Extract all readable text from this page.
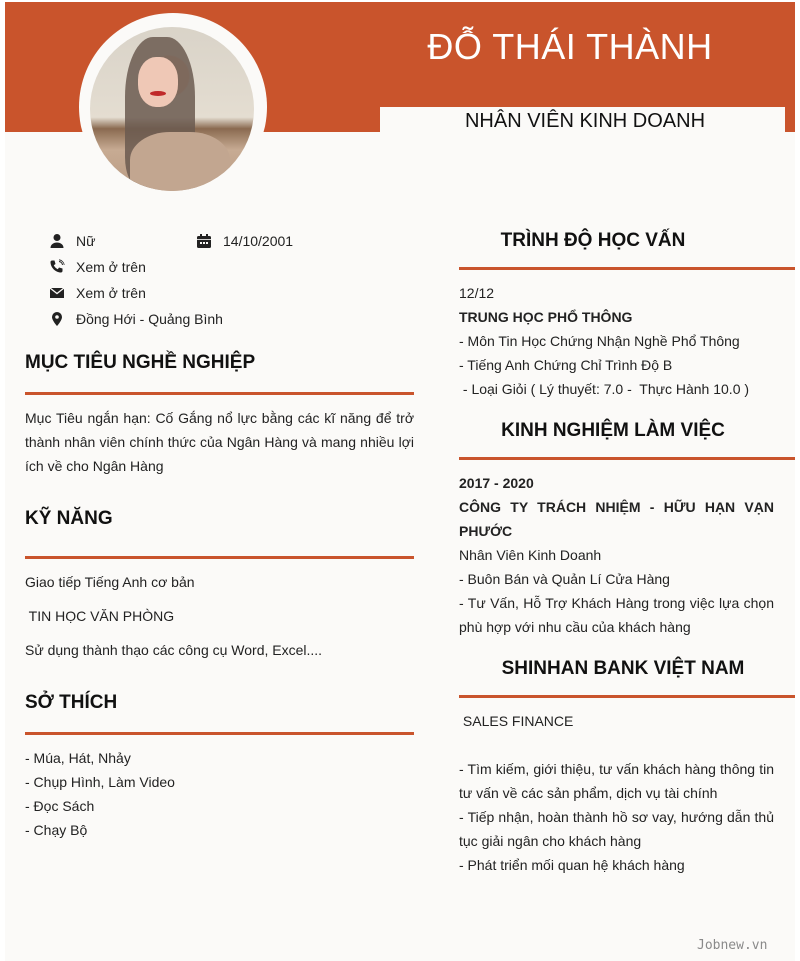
ĐỖ THÁI THÀNH
NHÂN VIÊN KINH DOANH
Nữ	14/10/2001
Xem ở trên
Xem ở trên
Đồng Hới - Quảng Bình
MỤC TIÊU NGHỀ NGHIỆP
Mục Tiêu ngắn hạn: Cố Gắng nổ lực bằng các kĩ năng để trở thành nhân viên chính thức của Ngân Hàng và mang nhiều lợi ích về cho Ngân Hàng
KỸ NĂNG
Giao tiếp Tiếng Anh cơ bản
TIN HỌC VĂN PHÒNG
Sử dụng thành thạo các công cụ Word, Excel....
SỞ THÍCH
- Múa, Hát, Nhảy
- Chụp Hình, Làm Video
- Đọc Sách
- Chạy Bộ
TRÌNH ĐỘ HỌC VẤN
12/12
TRUNG HỌC PHỔ THÔNG
- Môn Tin Học Chứng Nhận Nghề Phổ Thông
- Tiếng Anh Chứng Chỉ Trình Độ B
- Loại Giỏi ( Lý thuyết: 7.0 -  Thực Hành 10.0 )
KINH NGHIỆM LÀM VIỆC
2017 - 2020
CÔNG TY TRÁCH NHIỆM - HỮU HẠN VẠN PHƯỚC
Nhân Viên Kinh Doanh
- Buôn Bán và Quản Lí Cửa Hàng
- Tư Vấn, Hỗ Trợ Khách Hàng trong việc lựa chọn phù hợp với nhu cầu của khách hàng
SHINHAN BANK VIỆT NAM
SALES FINANCE
- Tìm kiếm, giới thiệu, tư vấn khách hàng thông tin tư vấn về các sản phẩm, dịch vụ tài chính
- Tiếp nhận, hoàn thành hồ sơ vay, hướng dẫn thủ tục giải ngân cho khách hàng
- Phát triển mối quan hệ khách hàng
Jobnew.vn
